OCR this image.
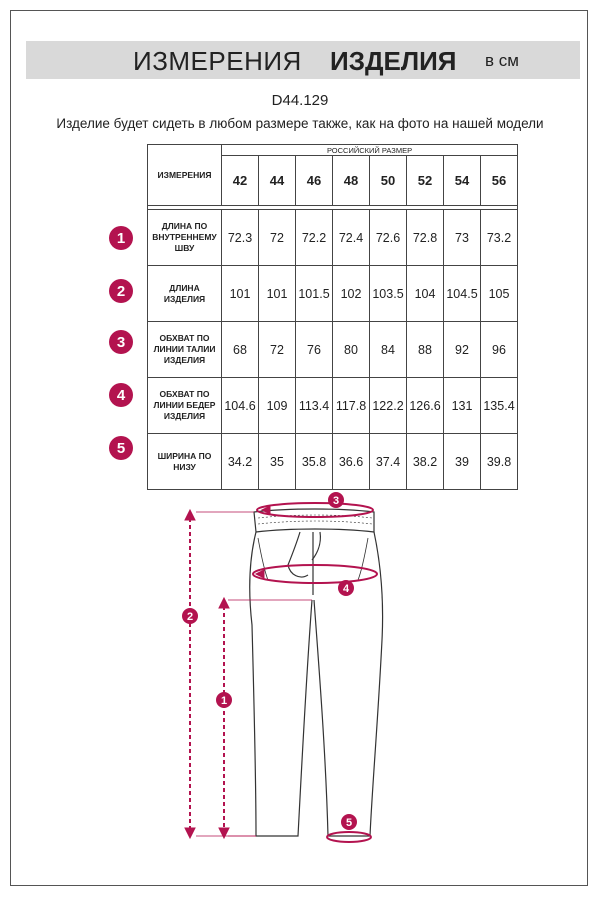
ИЗМЕРЕНИЯ ИЗДЕЛИЯ в см
D44.129
Изделие будет сидеть в любом размере также, как на фото на нашей модели
ИЗМЕРЕНИЯ	РОССИЙСКИЙ РАЗМЕР							
	42	44	46	48	50	52	54	56

ДЛИНА ПО ВНУТРЕННЕМУ ШВУ	72.3	72	72.2	72.4	72.6	72.8	73	73.2
ДЛИНА ИЗДЕЛИЯ	101	101	101.5	102	103.5	104	104.5	105
ОБХВАТ ПО ЛИНИИ ТАЛИИ ИЗДЕЛИЯ	68	72	76	80	84	88	92	96
ОБХВАТ ПО ЛИНИИ БЕДЕР ИЗДЕЛИЯ	104.6	109	113.4	117.8	122.2	126.6	131	135.4
ШИРИНА ПО НИЗУ	34.2	35	35.8	36.6	37.4	38.2	39	39.8
1
2
3
4
5
3
4
2
1
5
